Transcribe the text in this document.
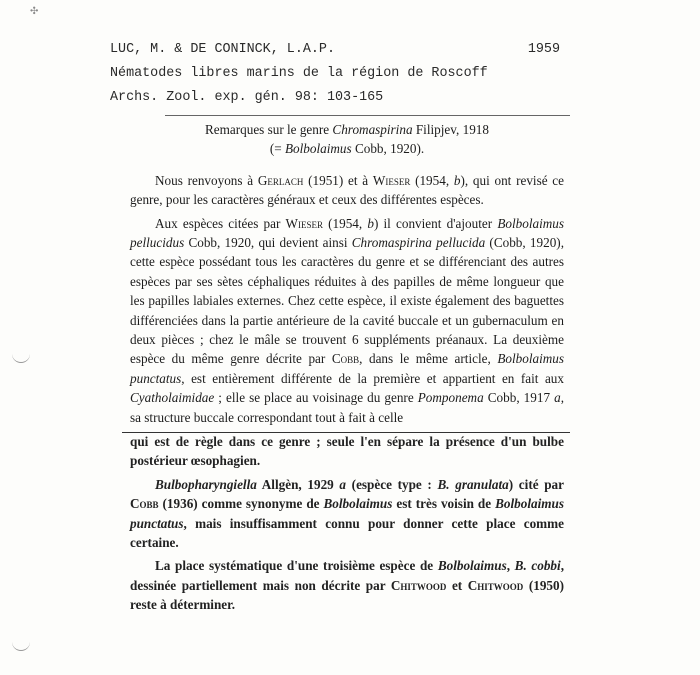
✣
LUC, M. & DE CONINCK, L.A.P.	1959
Nématodes libres marins de la région de Roscoff
Archs. Zool. exp. gén. 98: 103-165

Remarques sur le genre Chromaspirina Filipjev, 1918
(= Bolbolaimus Cobb, 1920).

Nous renvoyons à Gerlach (1951) et à Wieser (1954, b), qui ont revisé ce genre, pour les caractères généraux et ceux des différentes espèces.

Aux espèces citées par Wieser (1954, b) il convient d'ajouter Bolbolaimus pellucidus Cobb, 1920, qui devient ainsi Chromaspirina pellucida (Cobb, 1920), cette espèce possédant tous les caractères du genre et se différenciant des autres espèces par ses sètes céphaliques réduites à des papilles de même longueur que les papilles labiales externes. Chez cette espèce, il existe également des baguettes différenciées dans la partie antérieure de la cavité buccale et un gubernaculum en deux pièces ; chez le mâle se trouvent 6 suppléments préanaux. La deuxième espèce du même genre décrite par Cobb, dans le même article, Bolbolaimus punctatus, est entièrement différente de la première et appartient en fait aux Cyatholaimidae ; elle se place au voisinage du genre Pomponema Cobb, 1917 a, sa structure buccale correspondant tout à fait à celle

qui est de règle dans ce genre ; seule l'en sépare la présence d'un bulbe postérieur œsophagien.

Bulbopharyngiella Allgèn, 1929 a (espèce type : B. granulata) cité par Cobb (1936) comme synonyme de Bolbolaimus est très voisin de Bolbolaimus punctatus, mais insuffisamment connu pour donner cette place comme certaine.

La place systématique d'une troisième espèce de Bolbolaimus, B. cobbi, dessinée partiellement mais non décrite par Chitwood et Chitwood (1950) reste à déterminer.
